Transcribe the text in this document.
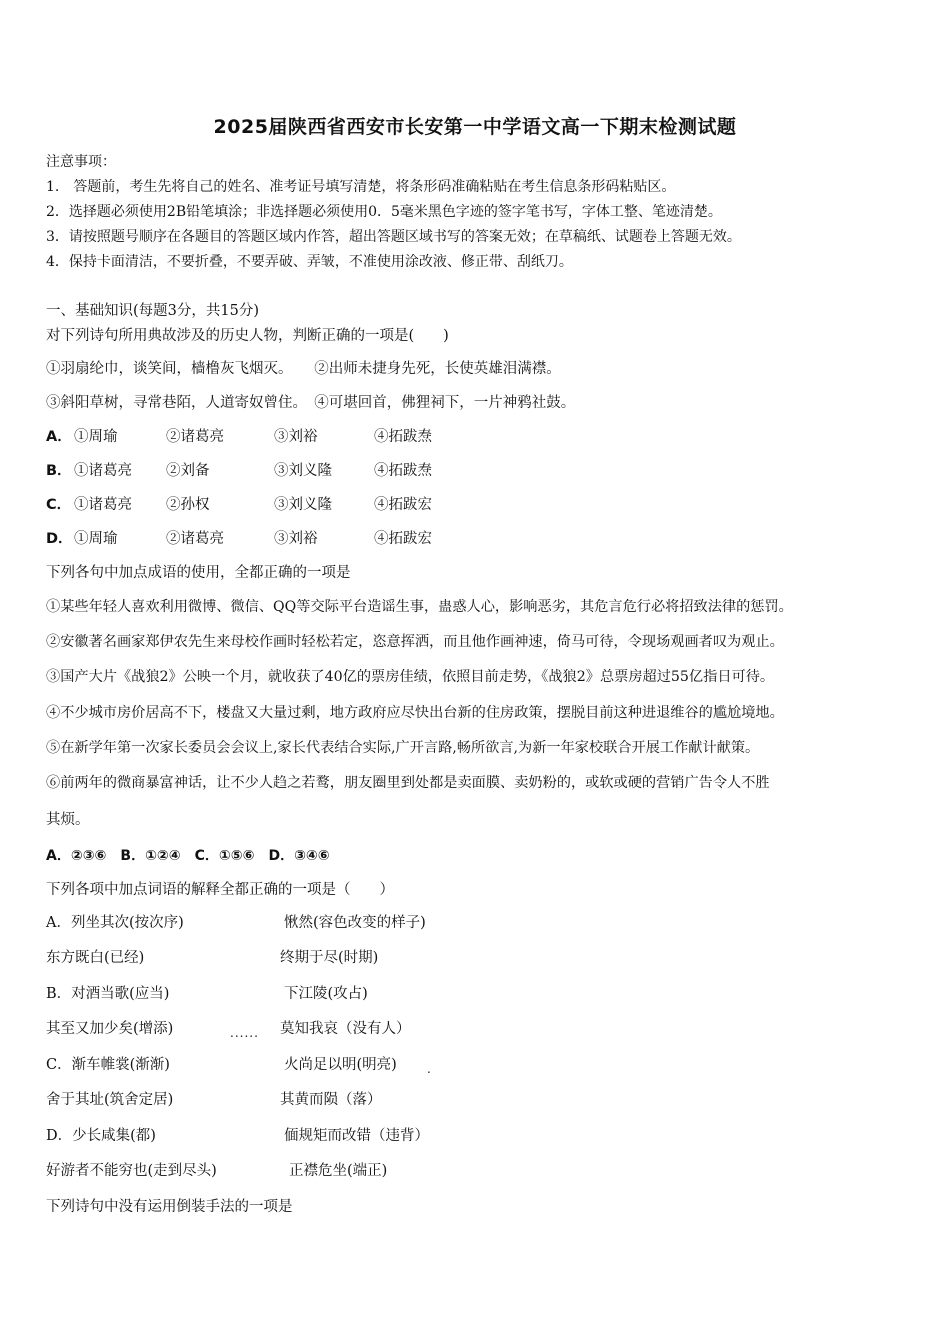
2025届陕西省西安市长安第一中学语文高一下期末检测试题
注意事项：
1.　答题前，考生先将自己的姓名、准考证号填写清楚，将条形码准确粘贴在考生信息条形码粘贴区。
2．选择题必须使用2B铅笔填涂；非选择题必须使用0．5毫米黑色字迹的签字笔书写，字体工整、笔迹清楚。
3．请按照题号顺序在各题目的答题区域内作答，超出答题区域书写的答案无效；在草稿纸、试题卷上答题无效。
4．保持卡面清洁，不要折叠，不要弄破、弄皱，不准使用涂改液、修正带、刮纸刀。
一、基础知识(每题3分，共15分)
对下列诗句所用典故涉及的历史人物，判断正确的一项是(　　)
①羽扇纶巾，谈笑间，樯橹灰飞烟灭。　　②出师未捷身先死，长使英雄泪满襟。
③斜阳草树，寻常巷陌，人道寄奴曾住。　④可堪回首，佛狸祠下，一片神鸦社鼓。
A． ①周瑜	②诸葛亮	③刘裕	④拓跋焘
B． ①诸葛亮 ②刘备	③刘义隆	④拓跋焘
C． ①诸葛亮 ②孙权	③刘义隆	④拓跋宏
D． ①周瑜	②诸葛亮	③刘裕	④拓跋宏
下列各句中加点成语的使用，全都正确的一项是
①某些年轻人喜欢利用微博、微信、QQ等交际平台造谣生事，蛊惑人心，影响恶劣，其危言危行必将招致法律的惩罚。
②安徽著名画家郑伊农先生来母校作画时轻松若定，恣意挥洒，而且他作画神速，倚马可待，令现场观画者叹为观止。
③国产大片《战狼2》公映一个月，就收获了40亿的票房佳绩，依照目前走势，《战狼2》总票房超过55亿指日可待。
④不少城市房价居高不下，楼盘又大量过剩，地方政府应尽快出台新的住房政策，摆脱目前这种进退维谷的尴尬境地。
⑤在新学年第一次家长委员会会议上,家长代表结合实际,广开言路,畅所欲言,为新一年家校联合开展工作献计献策。
⑥前两年的微商暴富神话，让不少人趋之若鹜，朋友圈里到处都是卖面膜、卖奶粉的，或软或硬的营销广告令人不胜
其烦。
A．②③⑥　B．①②④　C．①⑤⑥　D．③④⑥
下列各项中加点词语的解释全都正确的一项是（　　）
A．列坐其次(按次序)	愀然(容色改变的样子)
东方既白(已经)	终期于尽(时期)
B．对酒当歌(应当)	下江陵(攻占)
其至又加少矣(增添)	莫知我哀（没有人）
......
C．渐车帷裳(渐渐)	火尚足以明(明亮)	.
舍于其址(筑舍定居)	其黄而陨（落）
D．少长咸集(都)	偭规矩而改错（违背）
好游者不能穷也(走到尽头)	正襟危坐(端正)
下列诗句中没有运用倒装手法的一项是
